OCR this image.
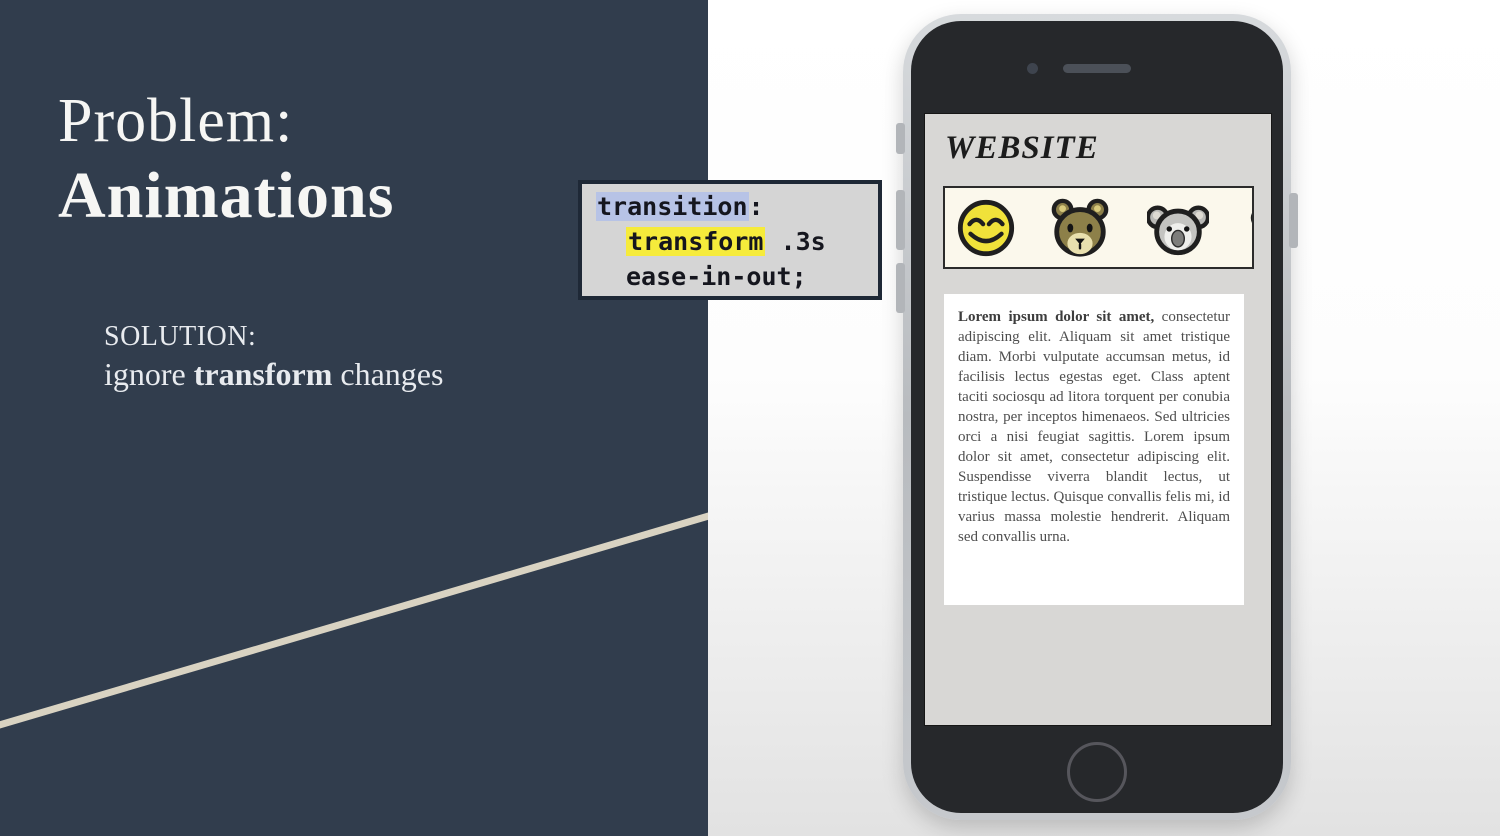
Problem:
Animations
SOLUTION:
ignore transform changes
transition:
transform .3s
ease-in-out;
WEBSITE
Lorem ipsum dolor sit amet, consectetur adipiscing elit. Aliquam sit amet tristique diam. Morbi vulputate accumsan metus, id facilisis lectus egestas eget. Class aptent taciti sociosqu ad litora torquent per conubia nostra, per inceptos himenaeos. Sed ultricies orci a nisi feugiat sagittis. Lorem ipsum dolor sit amet, consectetur adipiscing elit. Suspendisse viverra blandit lectus, ut tristique lectus. Quisque convallis felis mi, id varius massa molestie hendrerit. Aliquam sed convallis urna.
